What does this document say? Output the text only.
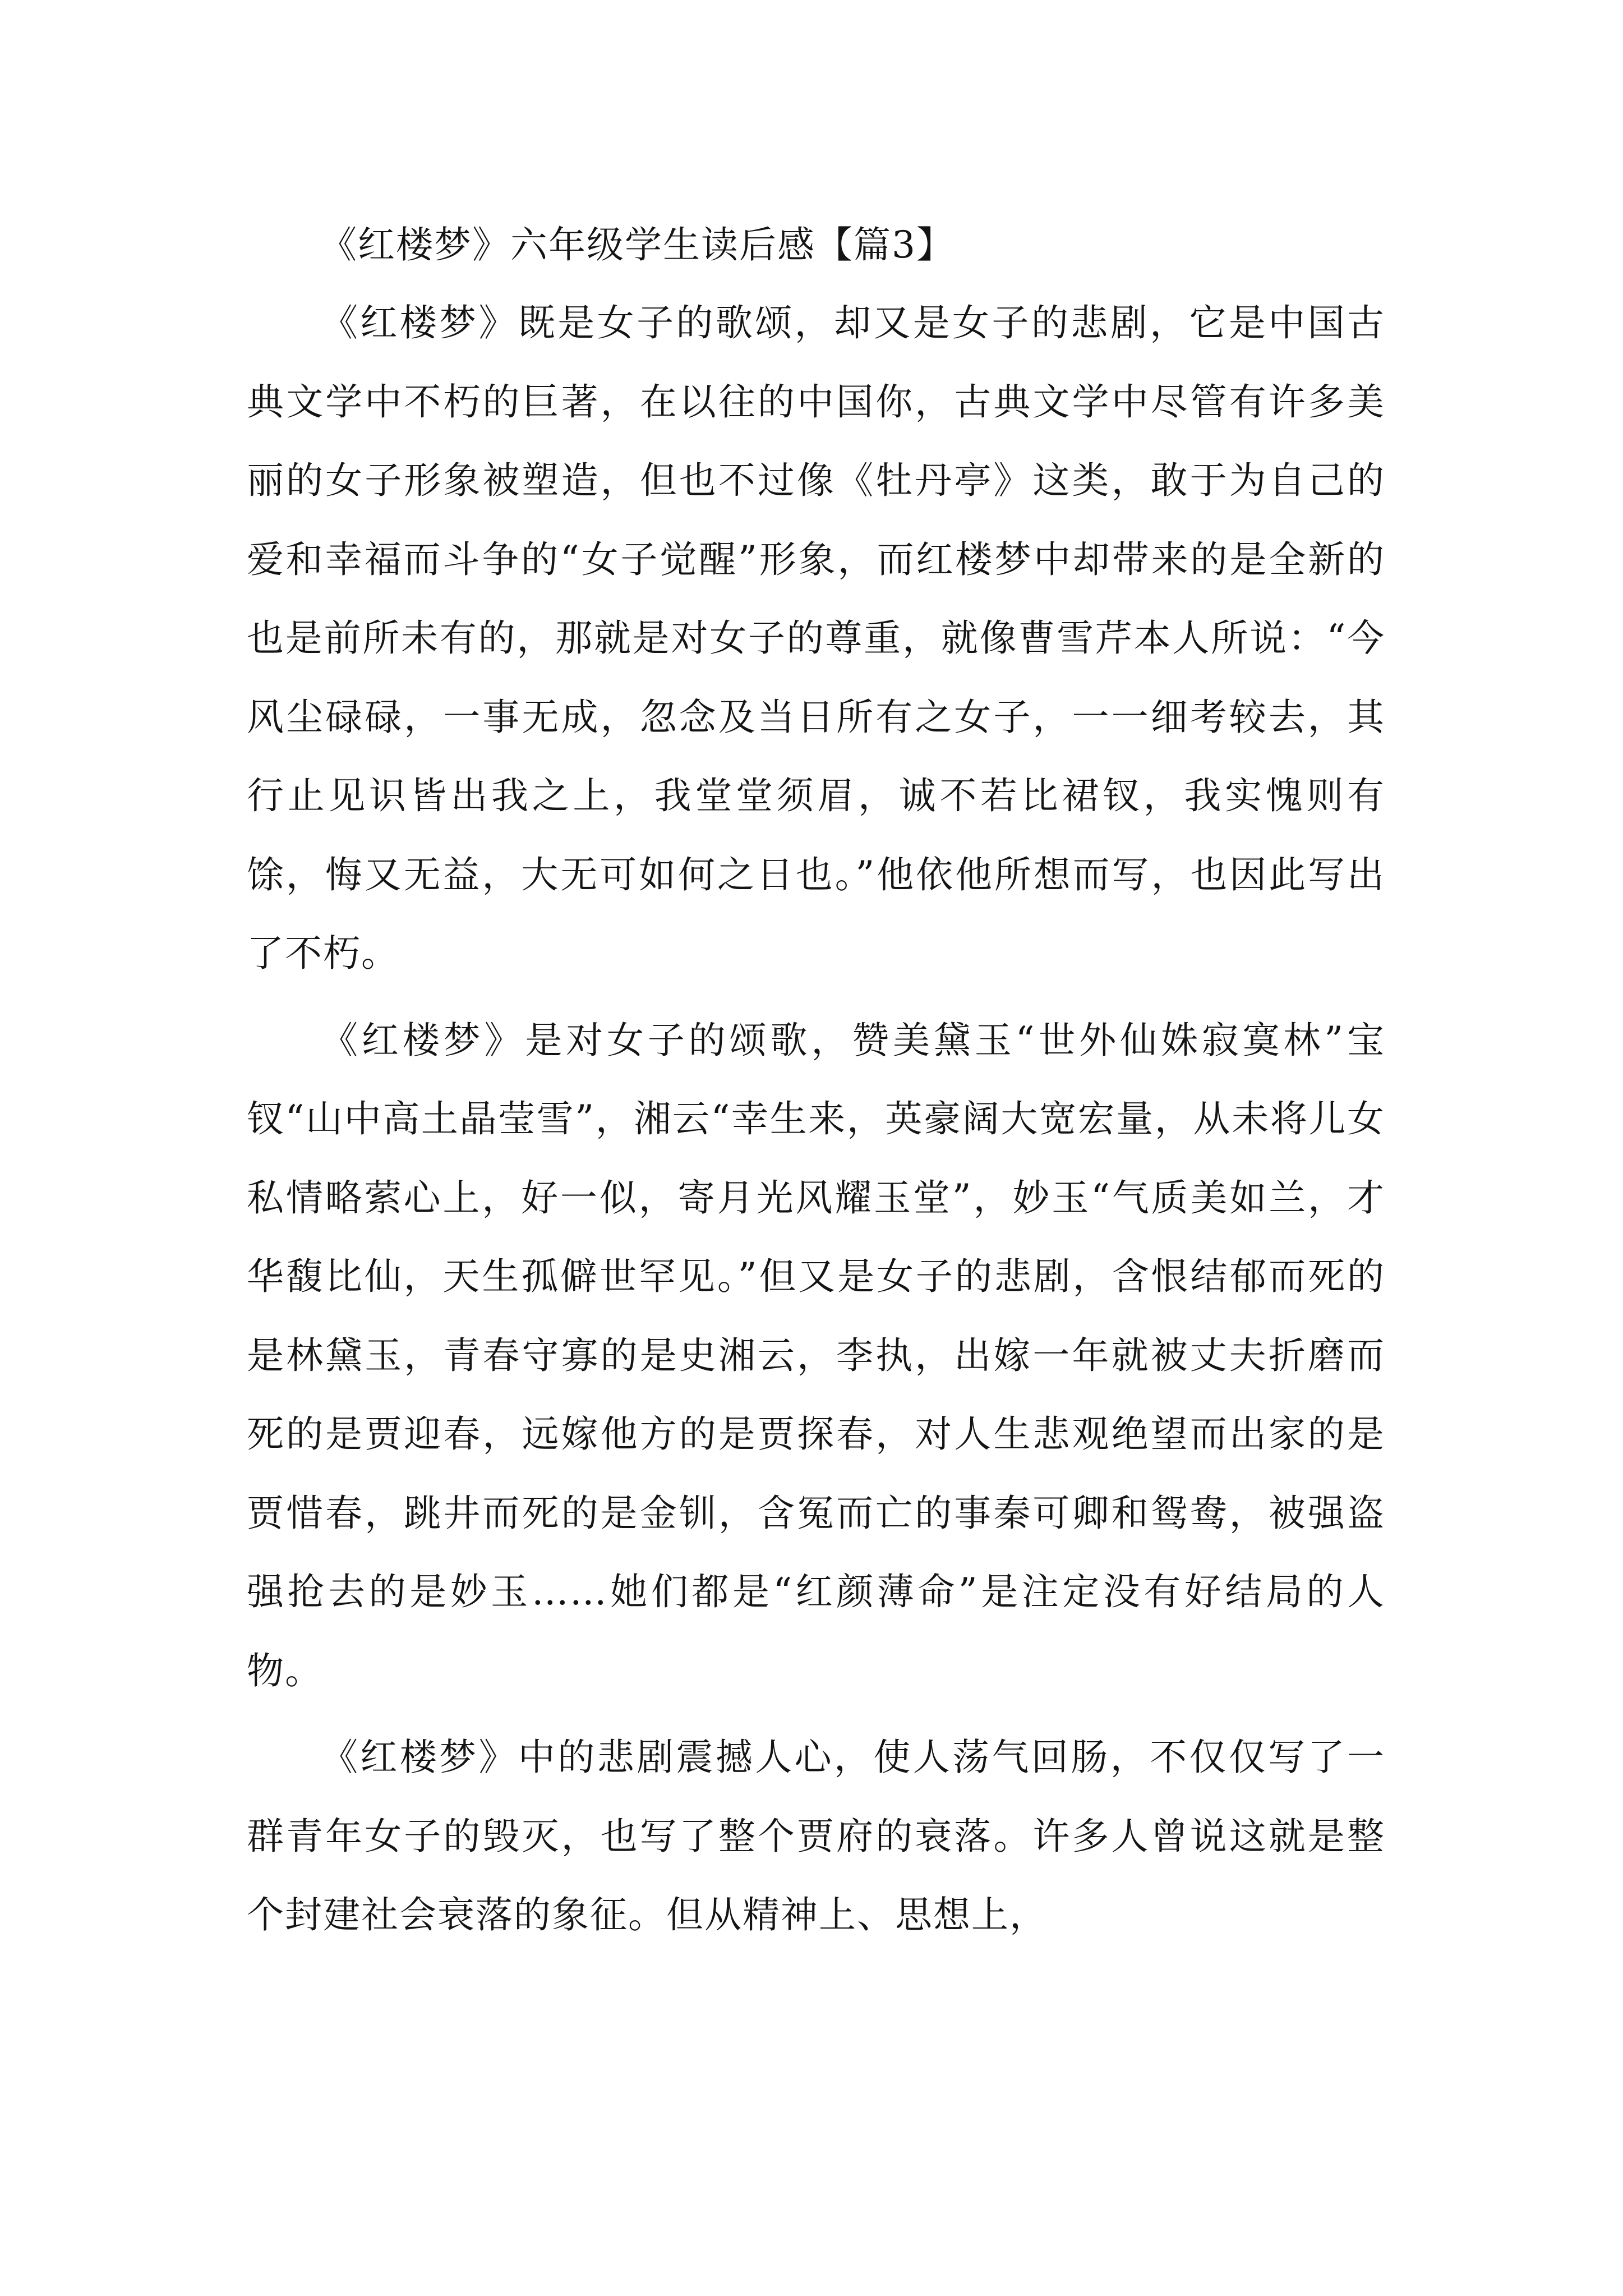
《红楼梦》六年级学生读后感【篇3】

《红楼梦》既是女子的歌颂，却又是女子的悲剧，它是中国古典文学中不朽的巨著，在以往的中国你，古典文学中尽管有许多美丽的女子形象被塑造，但也不过像《牡丹亭》这类，敢于为自己的爱和幸福而斗争的“女子觉醒”形象，而红楼梦中却带来的是全新的也是前所未有的，那就是对女子的尊重，就像曹雪芹本人所说：“今风尘碌碌，一事无成，忽念及当日所有之女子，一一细考较去，其行止见识皆出我之上，我堂堂须眉，诚不若比裙钗，我实愧则有馀，悔又无益，大无可如何之日也。”他依他所想而写，也因此写出了不朽。

《红楼梦》是对女子的颂歌，赞美黛玉“世外仙姝寂寞林”宝钗“山中高土晶莹雪”，湘云“幸生来，英豪阔大宽宏量，从未将儿女私情略萦心上，好一似，寄月光风耀玉堂”，妙玉“气质美如兰，才华馥比仙，天生孤僻世罕见。”但又是女子的悲剧，含恨结郁而死的是林黛玉，青春守寡的是史湘云，李执，出嫁一年就被丈夫折磨而死的是贾迎春，远嫁他方的是贾探春，对人生悲观绝望而出家的是贾惜春，跳井而死的是金钏，含冤而亡的事秦可卿和鸳鸯，被强盗强抢去的是妙玉……她们都是“红颜薄命”是注定没有好结局的人物。

《红楼梦》中的悲剧震撼人心，使人荡气回肠，不仅仅写了一群青年女子的毁灭，也写了整个贾府的衰落。许多人曾说这就是整个封建社会衰落的象征。但从精神上、思想上，
